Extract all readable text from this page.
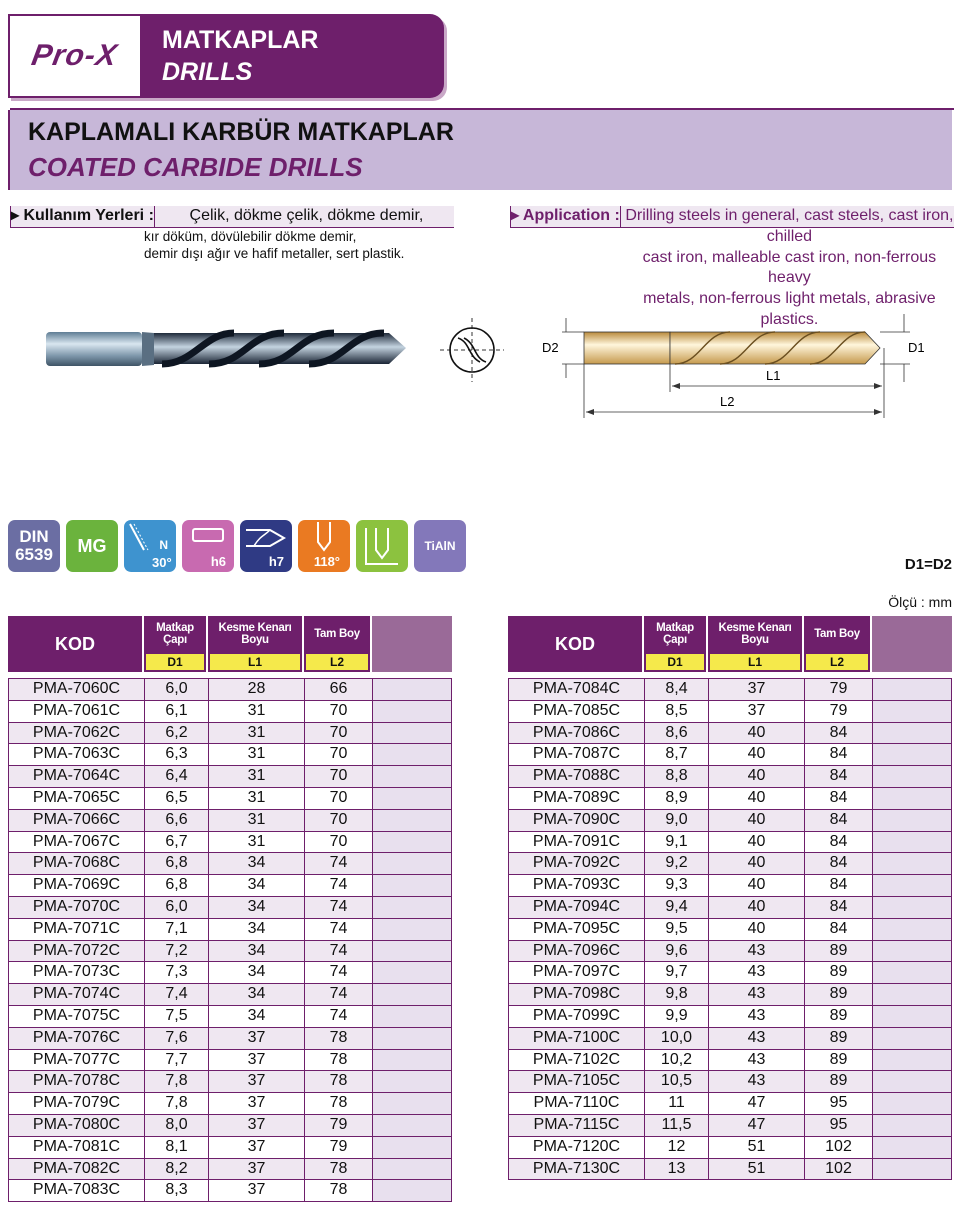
Pro-X MATKAPLAR
DRILLS
KAPLAMALI KARBÜR MATKAPLAR
COATED CARBIDE DRILLS
▸ Kullanım Yerleri :	Çelik, dökme çelik, dökme demir,
kır döküm, dövülebilir dökme demir,
demir dışı ağır ve hafif metaller, sert plastik.
▸ Application : Drilling steels in general, cast steels, cast iron, chilled
cast iron, malleable cast iron, non-ferrous heavy
metals, non-ferrous light metals, abrasive plastics.
D2	D1
L1
L2
DIN
6539 MG	N
30°	h6	h7 118°
TiAlN
D1=D2
Ölçü : mm
KOD
Matkap Çapı
D1
Kesme Kenarı Boyu
L1
Tam Boy
L2
PMA-7060C	6,0	28	66
PMA-7061C	6,1	31	70
PMA-7062C	6,2	31	70
PMA-7063C	6,3	31	70
PMA-7064C	6,4	31	70
PMA-7065C	6,5	31	70
PMA-7066C	6,6	31	70
PMA-7067C	6,7	31	70
PMA-7068C	6,8	34	74
PMA-7069C	6,8	34	74
PMA-7070C	6,0	34	74
PMA-7071C	7,1	34	74
PMA-7072C	7,2	34	74
PMA-7073C	7,3	34	74
PMA-7074C	7,4	34	74
PMA-7075C	7,5	34	74
PMA-7076C	7,6	37	78
PMA-7077C	7,7	37	78
PMA-7078C	7,8	37	78
PMA-7079C	7,8	37	78
PMA-7080C	8,0	37	79
PMA-7081C	8,1	37	79
PMA-7082C	8,2	37	78
PMA-7083C	8,3	37	78
KOD
Matkap Çapı
D1
Kesme Kenarı Boyu
L1
Tam Boy
L2
PMA-7084C	8,4	37	79
PMA-7085C	8,5	37	79
PMA-7086C	8,6	40	84
PMA-7087C	8,7	40	84
PMA-7088C	8,8	40	84
PMA-7089C	8,9	40	84
PMA-7090C	9,0	40	84
PMA-7091C	9,1	40	84
PMA-7092C	9,2	40	84
PMA-7093C	9,3	40	84
PMA-7094C	9,4	40	84
PMA-7095C	9,5	40	84
PMA-7096C	9,6	43	89
PMA-7097C	9,7	43	89
PMA-7098C	9,8	43	89
PMA-7099C	9,9	43	89
PMA-7100C	10,0	43	89
PMA-7102C	10,2	43	89
PMA-7105C	10,5	43	89
PMA-7110C	11	47	95
PMA-7115C	11,5	47	95
PMA-7120C	12	51	102
PMA-7130C	13	51	102
